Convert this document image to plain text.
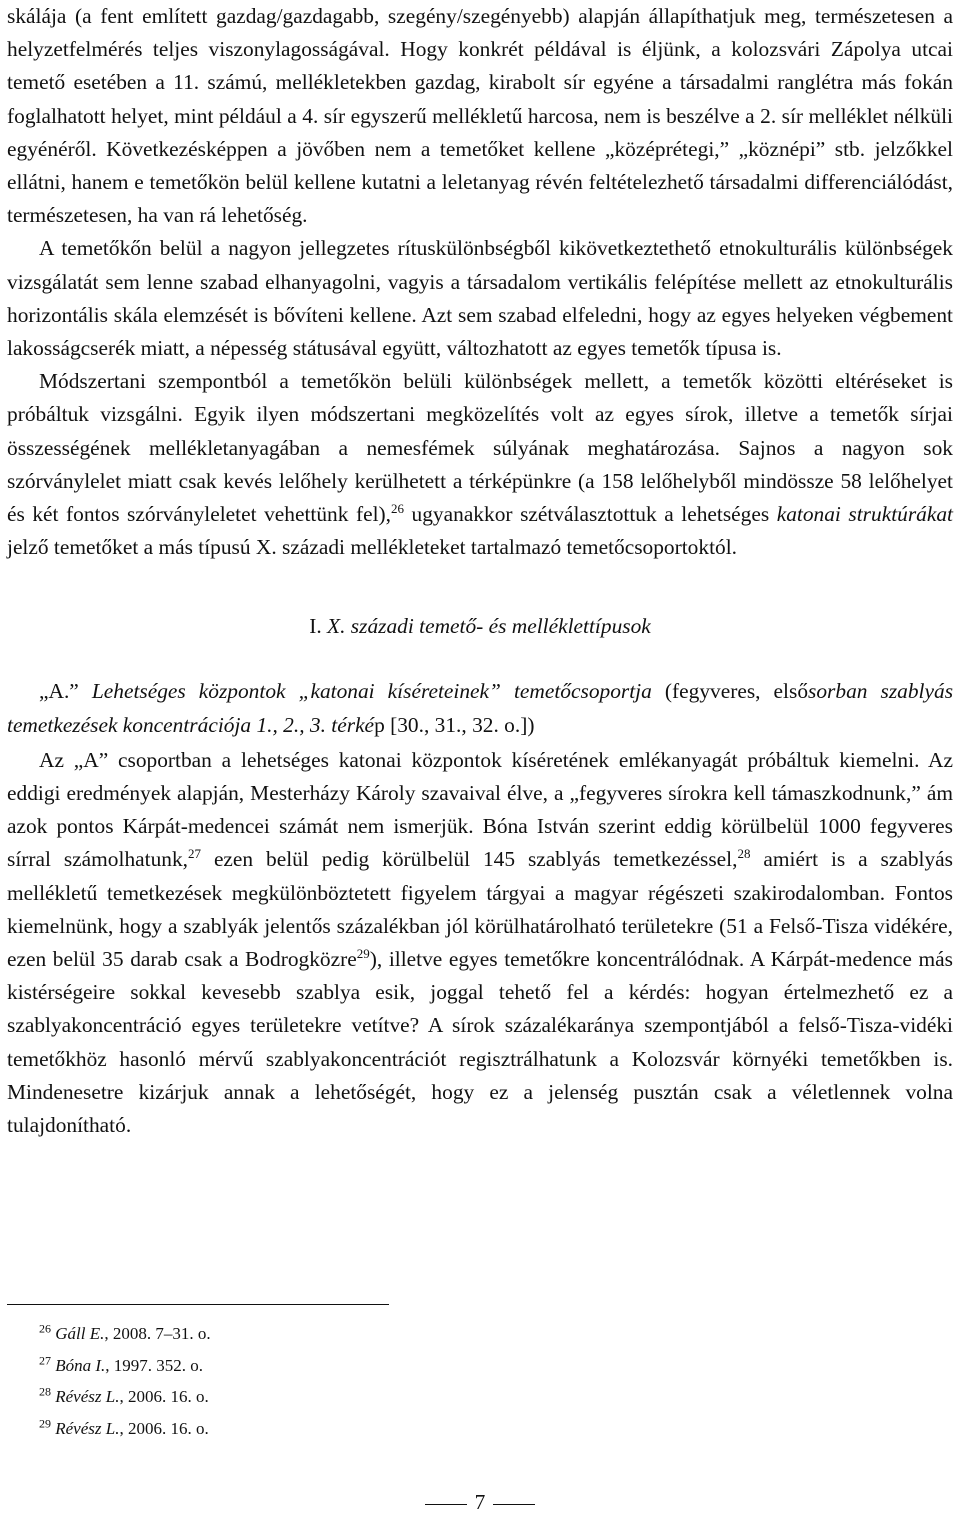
skálája (a fent említett gazdag/gazdagabb, szegény/szegényebb) alapján állapíthatjuk meg, természetesen a helyzetfelmérés teljes viszonylagosságával. Hogy konkrét példával is éljünk, a kolozsvári Zápolya utcai temető esetében a 11. számú, mellékletekben gazdag, kirabolt sír egyéne a társadalmi ranglétra más fokán foglalhatott helyet, mint például a 4. sír egyszerű mellékletű harcosa, nem is beszélve a 2. sír melléklet nélküli egyénéről. Következésképpen a jövőben nem a temetőket kellene „középrétegi,” „köznépi” stb. jelzőkkel ellátni, hanem e temetőkön belül kellene kutatni a leletanyag révén feltételezhető társadalmi differenciálódást, természetesen, ha van rá lehetőség.

A temetőkőn belül a nagyon jellegzetes rítuskülönbségből kikövetkeztethető etnokulturális különbségek vizsgálatát sem lenne szabad elhanyagolni, vagyis a társadalom vertikális felépítése mellett az etnokulturális horizontális skála elemzését is bővíteni kellene. Azt sem szabad elfeledni, hogy az egyes helyeken végbement lakosságcserék miatt, a népesség státusával együtt, változhatott az egyes temetők típusa is.

Módszertani szempontból a temetőkön belüli különbségek mellett, a temetők közötti eltéréseket is próbáltuk vizsgálni. Egyik ilyen módszertani megközelítés volt az egyes sírok, illetve a temetők sírjai összességének mellékletanyagában a nemesfémek súlyának meghatározása. Sajnos a nagyon sok szórványlelet miatt csak kevés lelőhely kerülhetett a térképünkre (a 158 lelőhelyből mindössze 58 lelőhelyet és két fontos szórványleletet vehettünk fel),$^{26}$ ugyanakkor szétválasztottuk a lehetséges katonai struktúrákat jelző temetőket a más típusú X. századi mellékleteket tartalmazó temetőcsoportoktól.

I. X. századi temető- és melléklettípusok

„A.” Lehetséges központok „katonai kíséreteinek” temetőcsoportja (fegyveres, elsősorban szablyás temetkezések koncentrációja 1., 2., 3. térkép [30., 31., 32. o.])

Az „A” csoportban a lehetséges katonai központok kíséretének emlékanyagát próbáltuk kiemelni. Az eddigi eredmények alapján, Mesterházy Károly szavaival élve, a „fegyveres sírokra kell támaszkodnunk,” ám azok pontos Kárpát-medencei számát nem ismerjük. Bóna István szerint eddig körülbelül 1000 fegyveres sírral számolhatunk,$^{27}$ ezen belül pedig körülbelül 145 szablyás temetkezéssel,$^{28}$ amiért is a szablyás mellékletű temetkezések megkülönböztetett figyelem tárgyai a magyar régészeti szakirodalomban. Fontos kiemelnünk, hogy a szablyák jelentős százalékban jól körülhatárolható területekre (51 a Felső-Tisza vidékére, ezen belül 35 darab csak a Bodrogközre$^{29}$), illetve egyes temetőkre koncentrálódnak. A Kárpát-medence más kistérségeire sokkal kevesebb szablya esik, joggal tehető fel a kérdés: hogyan értelmezhető ez a szablyakoncentráció egyes területekre vetítve? A sírok százalékaránya szempontjából a felső-Tisza-vidéki temetőkhöz hasonló mérvű szablyakoncentrációt regisztrálhatunk a Kolozsvár környéki temetőkben is. Mindenesetre kizárjuk annak a lehetőségét, hogy ez a jelenség pusztán csak a véletlennek volna tulajdonítható.

$^{26}$ Gáll E., 2008. 7–31. o.

$^{27}$ Bóna I., 1997. 352. o.

$^{28}$ Révész L., 2006. 16. o.

$^{29}$ Révész L., 2006. 16. o.

7
